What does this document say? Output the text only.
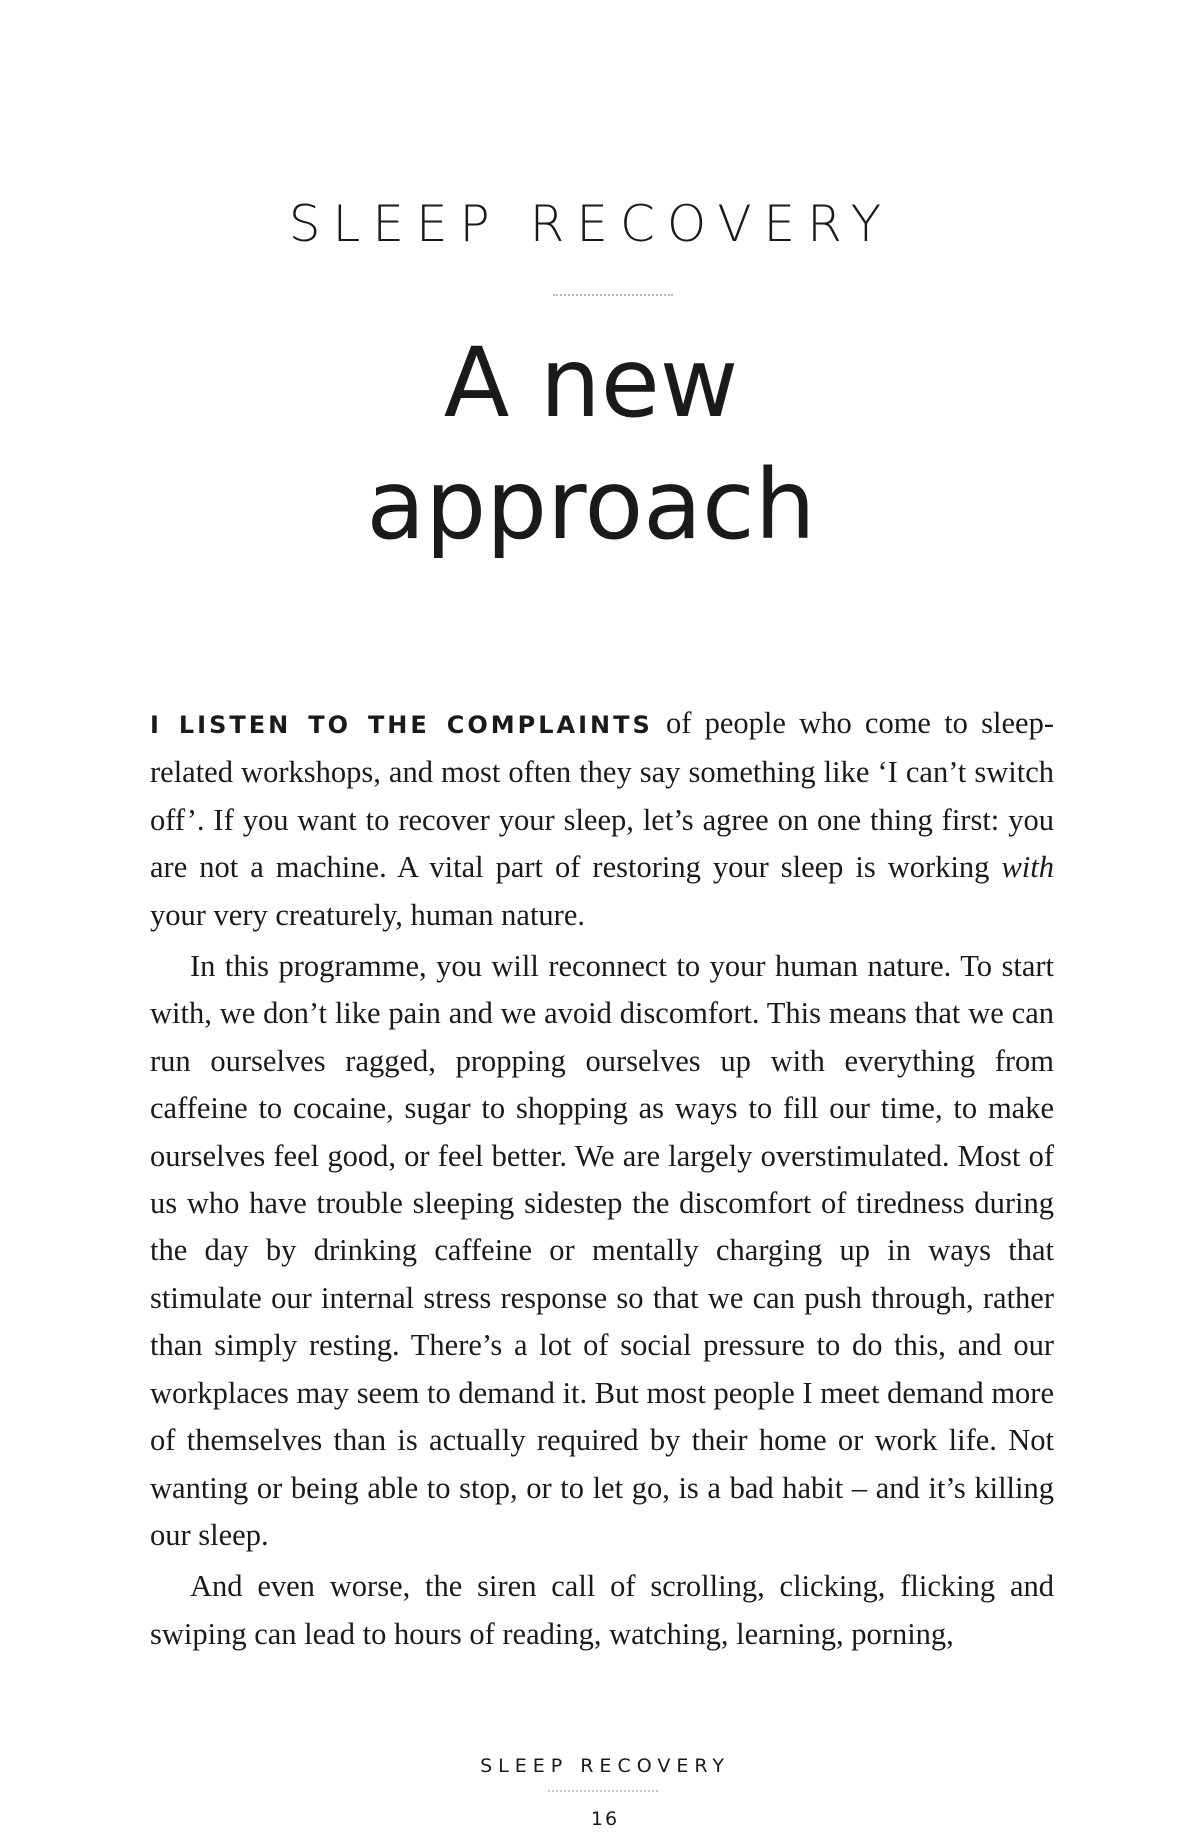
SLEEP RECOVERY
A new
approach

I LISTEN TO THE COMPLAINTS of people who come to sleep-related workshops, and most often they say something like ‘I can’t switch off’. If you want to recover your sleep, let’s agree on one thing first: you are not a machine. A vital part of restoring your sleep is working with your very creaturely, human nature.

In this programme, you will reconnect to your human nature. To start with, we don’t like pain and we avoid discomfort. This means that we can run ourselves ragged, propping ourselves up with everything from caffeine to cocaine, sugar to shopping as ways to fill our time, to make ourselves feel good, or feel better. We are largely overstimulated. Most of us who have trouble sleeping sidestep the discomfort of tiredness during the day by drinking caffeine or mentally charging up in ways that stimulate our internal stress response so that we can push through, rather than simply resting. There’s a lot of social pressure to do this, and our workplaces may seem to demand it. But most people I meet demand more of themselves than is actually required by their home or work life. Not wanting or being able to stop, or to let go, is a bad habit – and it’s killing our sleep.

And even worse, the siren call of scrolling, clicking, flicking and swiping can lead to hours of reading, watching, learning, porning,

SLEEP RECOVERY
16
